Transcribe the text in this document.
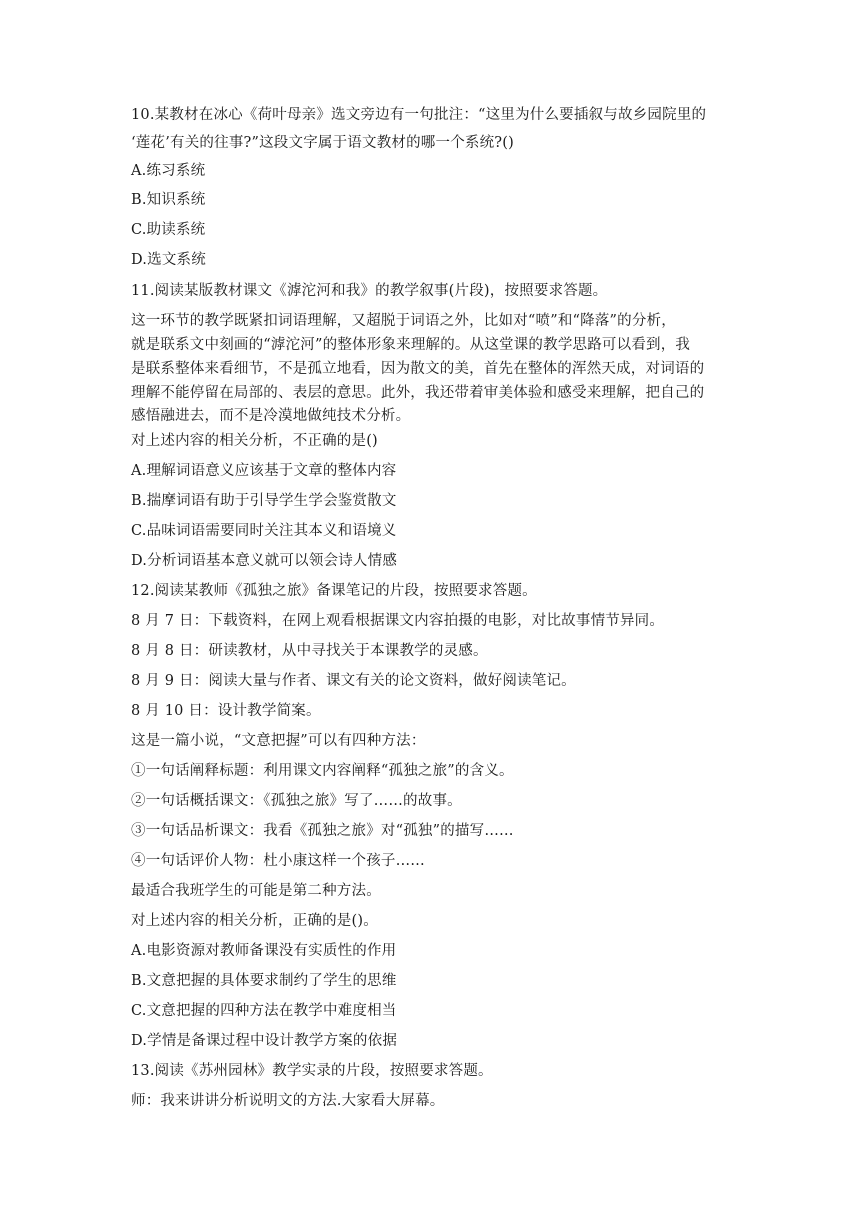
10.某教材在冰心《荷叶母亲》选文旁边有一句批注：“这里为什么要插叙与故乡园院里的
‘莲花’有关的往事?”这段文字属于语文教材的哪一个系统?()
A.练习系统
B.知识系统
C.助读系统
D.选文系统
11.阅读某版教材课文《滹沱河和我》的教学叙事(片段)，按照要求答题。
这一环节的教学既紧扣词语理解，又超脱于词语之外，比如对“喷”和“降落”的分析，
就是联系文中刻画的“滹沱河”的整体形象来理解的。从这堂课的教学思路可以看到，我
是联系整体来看细节，不是孤立地看，因为散文的美，首先在整体的浑然天成，对词语的
理解不能停留在局部的、表层的意思。此外，我还带着审美体验和感受来理解，把自己的
感悟融进去，而不是冷漠地做纯技术分析。
对上述内容的相关分析，不正确的是()
A.理解词语意义应该基于文章的整体内容
B.揣摩词语有助于引导学生学会鉴赏散文
C.品味词语需要同时关注其本义和语境义
D.分析词语基本意义就可以领会诗人情感
12.阅读某教师《孤独之旅》备课笔记的片段，按照要求答题。
8 月 7 日：下载资料，在网上观看根据课文内容拍摄的电影，对比故事情节异同。
8 月 8 日：研读教材，从中寻找关于本课教学的灵感。
8 月 9 日：阅读大量与作者、课文有关的论文资料，做好阅读笔记。
8 月 10 日：设计教学简案。
这是一篇小说，“文意把握”可以有四种方法：
①一句话阐释标题：利用课文内容阐释“孤独之旅”的含义。
②一句话概括课文：《孤独之旅》写了……的故事。
③一句话品析课文：我看《孤独之旅》对“孤独”的描写……
④一句话评价人物：杜小康这样一个孩子……
最适合我班学生的可能是第二种方法。
对上述内容的相关分析，正确的是()。
A.电影资源对教师备课没有实质性的作用
B.文意把握的具体要求制约了学生的思维
C.文意把握的四种方法在教学中难度相当
D.学情是备课过程中设计教学方案的依据
13.阅读《苏州园林》教学实录的片段，按照要求答题。
师：我来讲讲分析说明文的方法.大家看大屏幕。
